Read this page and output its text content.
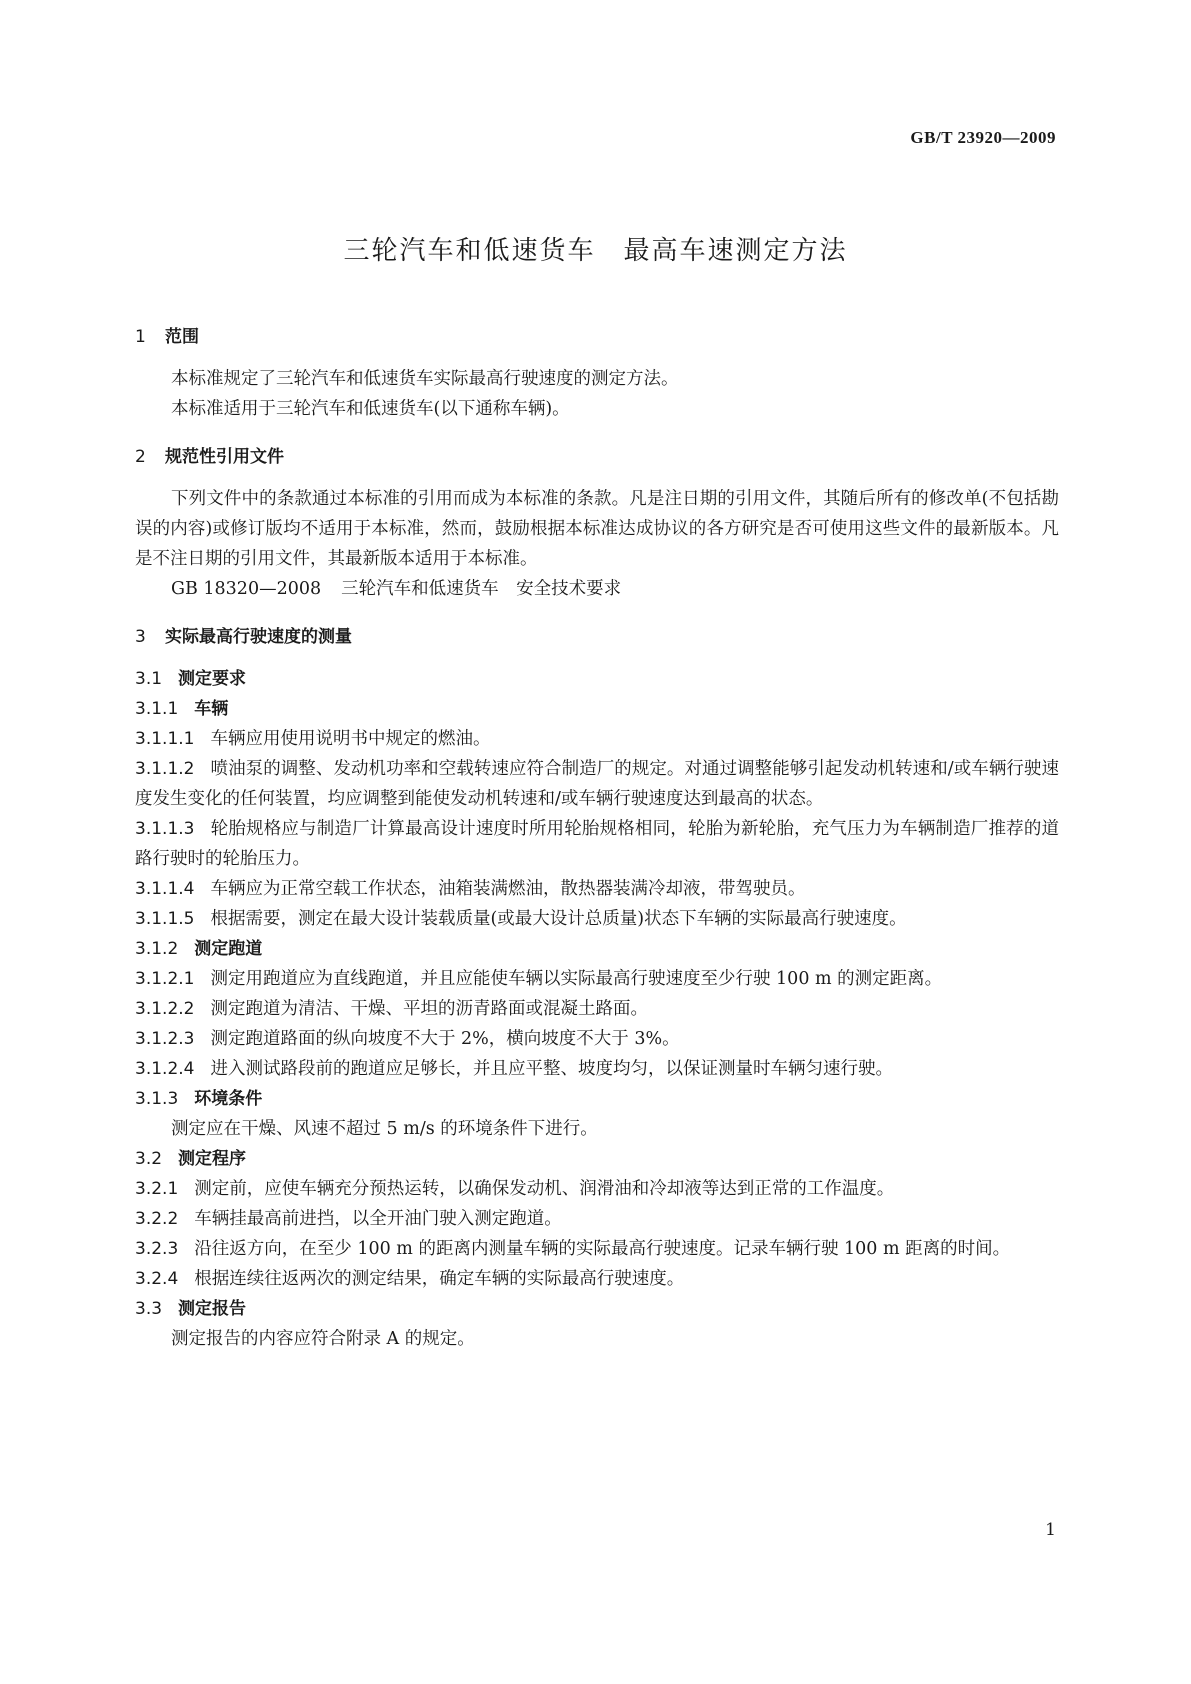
GB/T 23920—2009
三轮汽车和低速货车　最高车速测定方法
1 范围

本标准规定了三轮汽车和低速货车实际最高行驶速度的测定方法。

本标准适用于三轮汽车和低速货车(以下通称车辆)。

2 规范性引用文件

下列文件中的条款通过本标准的引用而成为本标准的条款。凡是注日期的引用文件，其随后所有的修改单(不包括勘误的内容)或修订版均不适用于本标准，然而，鼓励根据本标准达成协议的各方研究是否可使用这些文件的最新版本。凡是不注日期的引用文件，其最新版本适用于本标准。

GB 18320—2008 三轮汽车和低速货车　安全技术要求

3 实际最高行驶速度的测量
3.1 测定要求
3.1.1 车辆

3.1.1.1 车辆应用使用说明书中规定的燃油。

3.1.1.2 喷油泵的调整、发动机功率和空载转速应符合制造厂的规定。对通过调整能够引起发动机转速和/或车辆行驶速度发生变化的任何装置，均应调整到能使发动机转速和/或车辆行驶速度达到最高的状态。

3.1.1.3 轮胎规格应与制造厂计算最高设计速度时所用轮胎规格相同，轮胎为新轮胎，充气压力为车辆制造厂推荐的道路行驶时的轮胎压力。

3.1.1.4 车辆应为正常空载工作状态，油箱装满燃油，散热器装满冷却液，带驾驶员。

3.1.1.5 根据需要，测定在最大设计装载质量(或最大设计总质量)状态下车辆的实际最高行驶速度。

3.1.2 测定跑道

3.1.2.1 测定用跑道应为直线跑道，并且应能使车辆以实际最高行驶速度至少行驶 100 m 的测定距离。

3.1.2.2 测定跑道为清洁、干燥、平坦的沥青路面或混凝土路面。

3.1.2.3 测定跑道路面的纵向坡度不大于 2%，横向坡度不大于 3%。

3.1.2.4 进入测试路段前的跑道应足够长，并且应平整、坡度均匀，以保证测量时车辆匀速行驶。

3.1.3 环境条件

测定应在干燥、风速不超过 5 m/s 的环境条件下进行。

3.2 测定程序

3.2.1 测定前，应使车辆充分预热运转，以确保发动机、润滑油和冷却液等达到正常的工作温度。

3.2.2 车辆挂最高前进挡，以全开油门驶入测定跑道。

3.2.3 沿往返方向，在至少 100 m 的距离内测量车辆的实际最高行驶速度。记录车辆行驶 100 m 距离的时间。

3.2.4 根据连续往返两次的测定结果，确定车辆的实际最高行驶速度。

3.3 测定报告

测定报告的内容应符合附录 A 的规定。

1
